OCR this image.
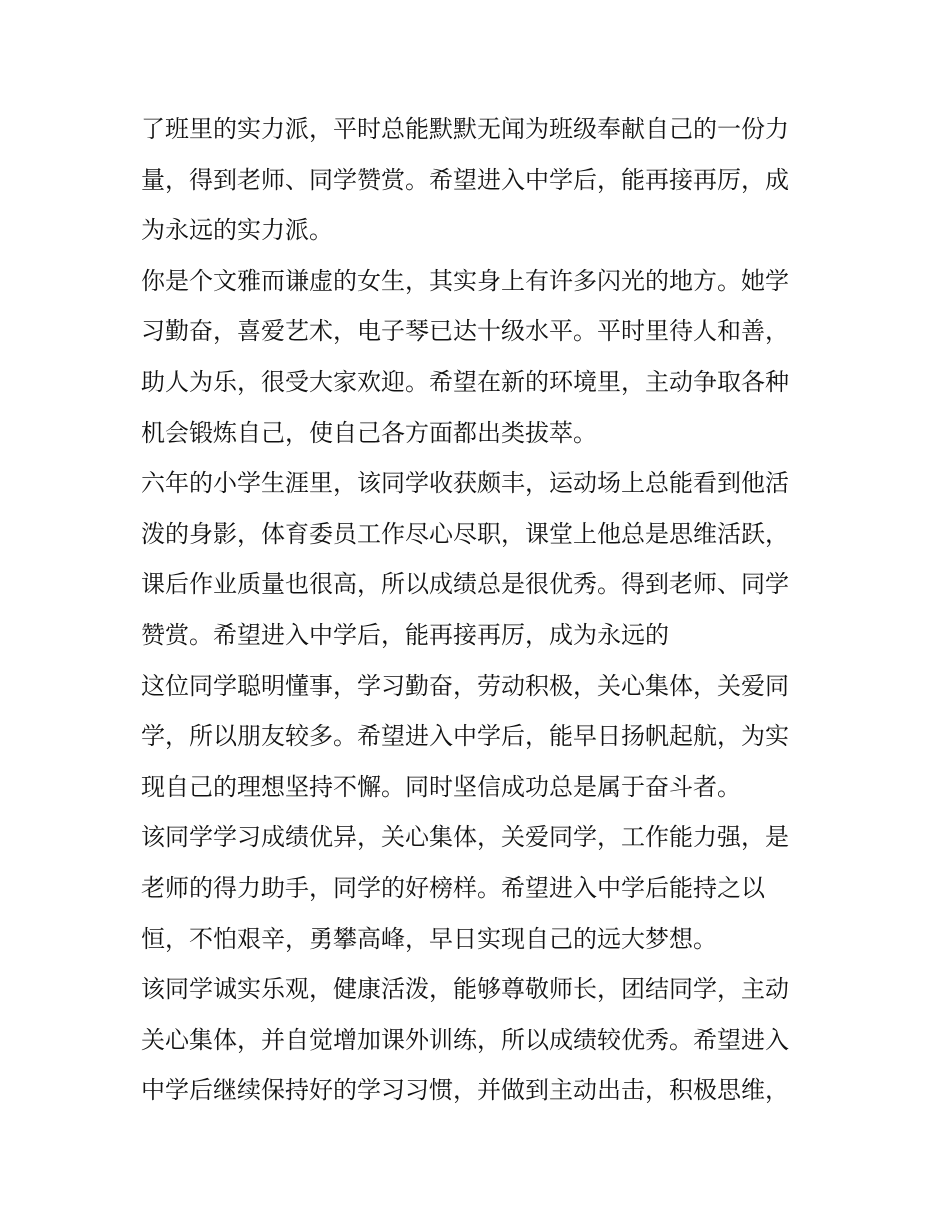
了班里的实力派，平时总能默默无闻为班级奉献自己的一份力
量，得到老师、同学赞赏。希望进入中学后，能再接再厉，成
为永远的实力派。
你是个文雅而谦虚的女生，其实身上有许多闪光的地方。她学
习勤奋，喜爱艺术，电子琴已达十级水平。平时里待人和善，
助人为乐，很受大家欢迎。希望在新的环境里，主动争取各种
机会锻炼自己，使自己各方面都出类拔萃。
六年的小学生涯里，该同学收获颇丰，运动场上总能看到他活
泼的身影，体育委员工作尽心尽职，课堂上他总是思维活跃，
课后作业质量也很高，所以成绩总是很优秀。得到老师、同学
赞赏。希望进入中学后，能再接再厉，成为永远的
这位同学聪明懂事，学习勤奋，劳动积极，关心集体，关爱同
学，所以朋友较多。希望进入中学后，能早日扬帆起航，为实
现自己的理想坚持不懈。同时坚信成功总是属于奋斗者。
该同学学习成绩优异，关心集体，关爱同学，工作能力强，是
老师的得力助手，同学的好榜样。希望进入中学后能持之以
恒，不怕艰辛，勇攀高峰，早日实现自己的远大梦想。
该同学诚实乐观，健康活泼，能够尊敬师长，团结同学，主动
关心集体，并自觉增加课外训练，所以成绩较优秀。希望进入
中学后继续保持好的学习习惯，并做到主动出击，积极思维，
